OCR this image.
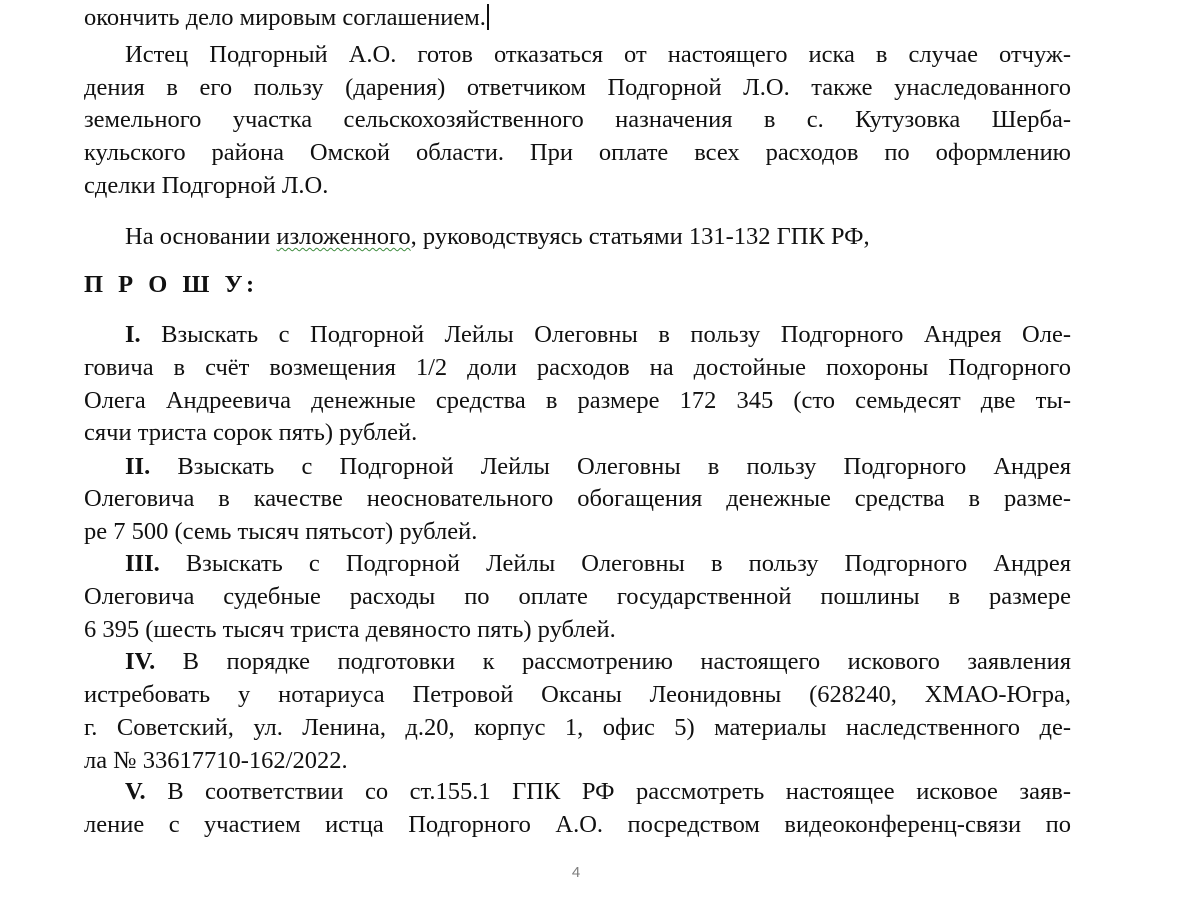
окончить дело мировым соглашением.
Истец Подгорный А.О. готов отказаться от настоящего иска в случае отчуж-
дения в его пользу (дарения) ответчиком Подгорной Л.О. также унаследованного
земельного участка сельскохозяйственного назначения в с. Кутузовка Шерба-
кульского района Омской области. При оплате всех расходов по оформлению
сделки Подгорной Л.О.
На основании изложенного, руководствуясь статьями 131-132 ГПК РФ,
П Р О Ш У:
I. Взыскать с Подгорной Лейлы Олеговны в пользу Подгорного Андрея Оле-
говича в счёт возмещения 1/2 доли расходов на достойные похороны Подгорного
Олега Андреевича денежные средства в размере 172 345 (сто семьдесят две ты-
сячи триста сорок пять) рублей.
II. Взыскать с Подгорной Лейлы Олеговны в пользу Подгорного Андрея
Олеговича в качестве неосновательного обогащения денежные средства в разме-
ре 7 500 (семь тысяч пятьсот) рублей.
III. Взыскать с Подгорной Лейлы Олеговны в пользу Подгорного Андрея
Олеговича судебные расходы по оплате государственной пошлины в размере
6 395 (шесть тысяч триста девяносто пять) рублей.
IV. В порядке подготовки к рассмотрению настоящего искового заявления
истребовать у нотариуса Петровой Оксаны Леонидовны (628240, ХМАО-Югра,
г. Советский, ул. Ленина, д.20, корпус 1, офис 5) материалы наследственного де-
ла № 33617710-162/2022.
V. В соответствии со ст.155.1 ГПК РФ рассмотреть настоящее исковое заяв-
ление с участием истца Подгорного А.О. посредством видеоконференц-связи по
4
